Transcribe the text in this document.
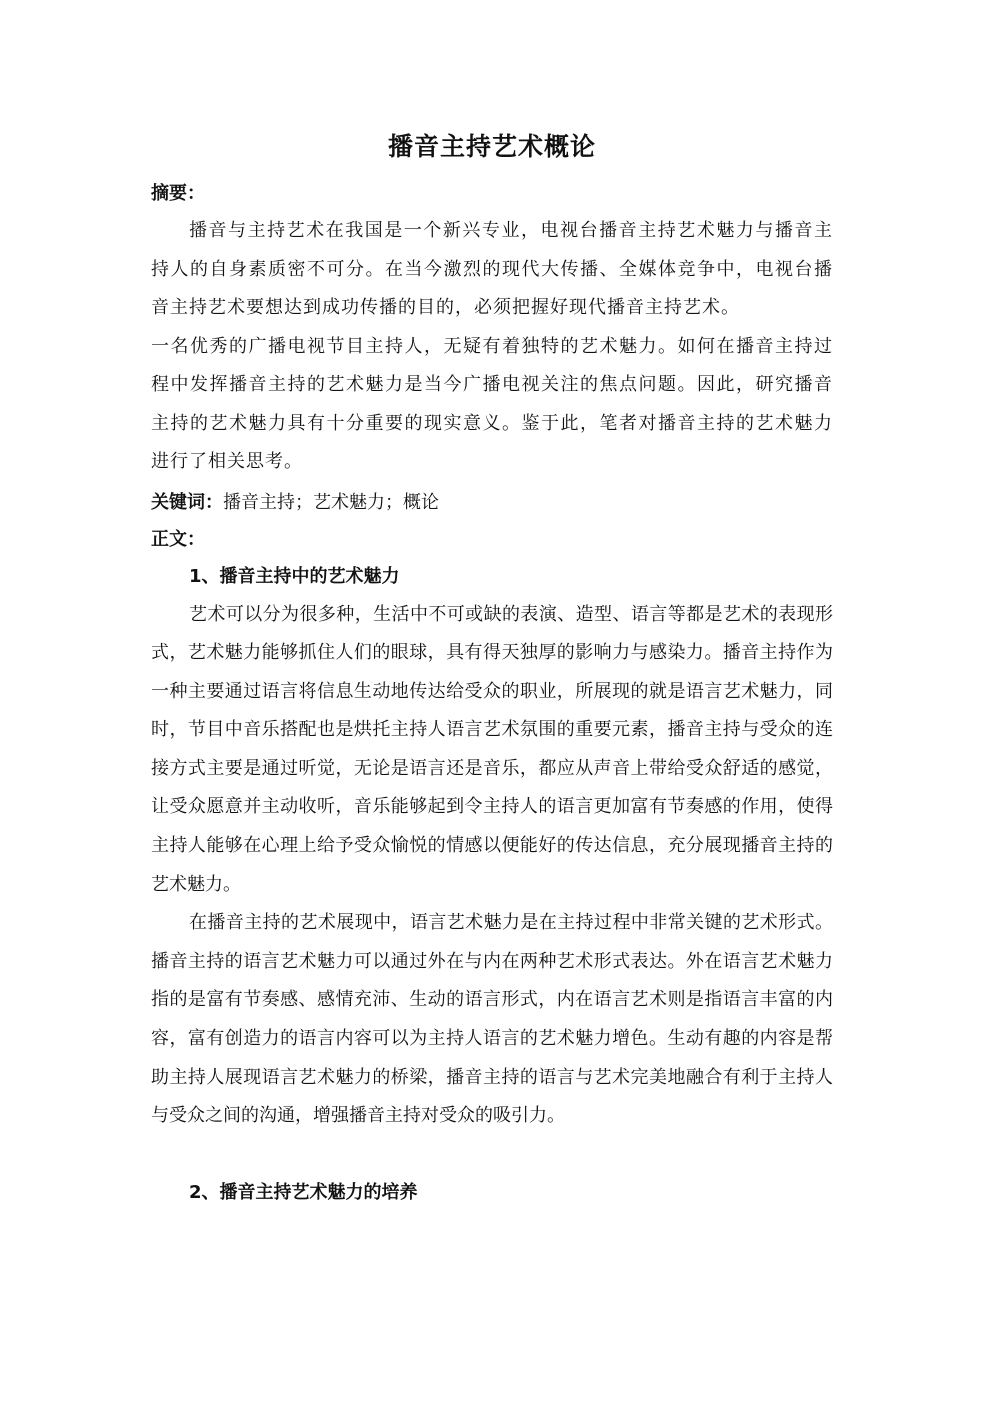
播音主持艺术概论
摘要：

播音与主持艺术在我国是一个新兴专业，电视台播音主持艺术魅力与播音主持人的自身素质密不可分。在当今激烈的现代大传播、全媒体竞争中，电视台播音主持艺术要想达到成功传播的目的，必须把握好现代播音主持艺术。

一名优秀的广播电视节目主持人，无疑有着独特的艺术魅力。如何在播音主持过程中发挥播音主持的艺术魅力是当今广播电视关注的焦点问题。因此，研究播音主持的艺术魅力具有十分重要的现实意义。鉴于此，笔者对播音主持的艺术魅力进行了相关思考。

关键词：播音主持；艺术魅力；概论
正文：
1、播音主持中的艺术魅力

艺术可以分为很多种，生活中不可或缺的表演、造型、语言等都是艺术的表现形式，艺术魅力能够抓住人们的眼球，具有得天独厚的影响力与感染力。播音主持作为一种主要通过语言将信息生动地传达给受众的职业，所展现的就是语言艺术魅力，同时，节目中音乐搭配也是烘托主持人语言艺术氛围的重要元素，播音主持与受众的连接方式主要是通过听觉，无论是语言还是音乐，都应从声音上带给受众舒适的感觉，让受众愿意并主动收听，音乐能够起到令主持人的语言更加富有节奏感的作用，使得主持人能够在心理上给予受众愉悦的情感以便能好的传达信息，充分展现播音主持的艺术魅力。

在播音主持的艺术展现中，语言艺术魅力是在主持过程中非常关键的艺术形式。播音主持的语言艺术魅力可以通过外在与内在两种艺术形式表达。外在语言艺术魅力指的是富有节奏感、感情充沛、生动的语言形式，内在语言艺术则是指语言丰富的内容，富有创造力的语言内容可以为主持人语言的艺术魅力增色。生动有趣的内容是帮助主持人展现语言艺术魅力的桥梁，播音主持的语言与艺术完美地融合有利于主持人与受众之间的沟通，增强播音主持对受众的吸引力。

2、播音主持艺术魅力的培养
